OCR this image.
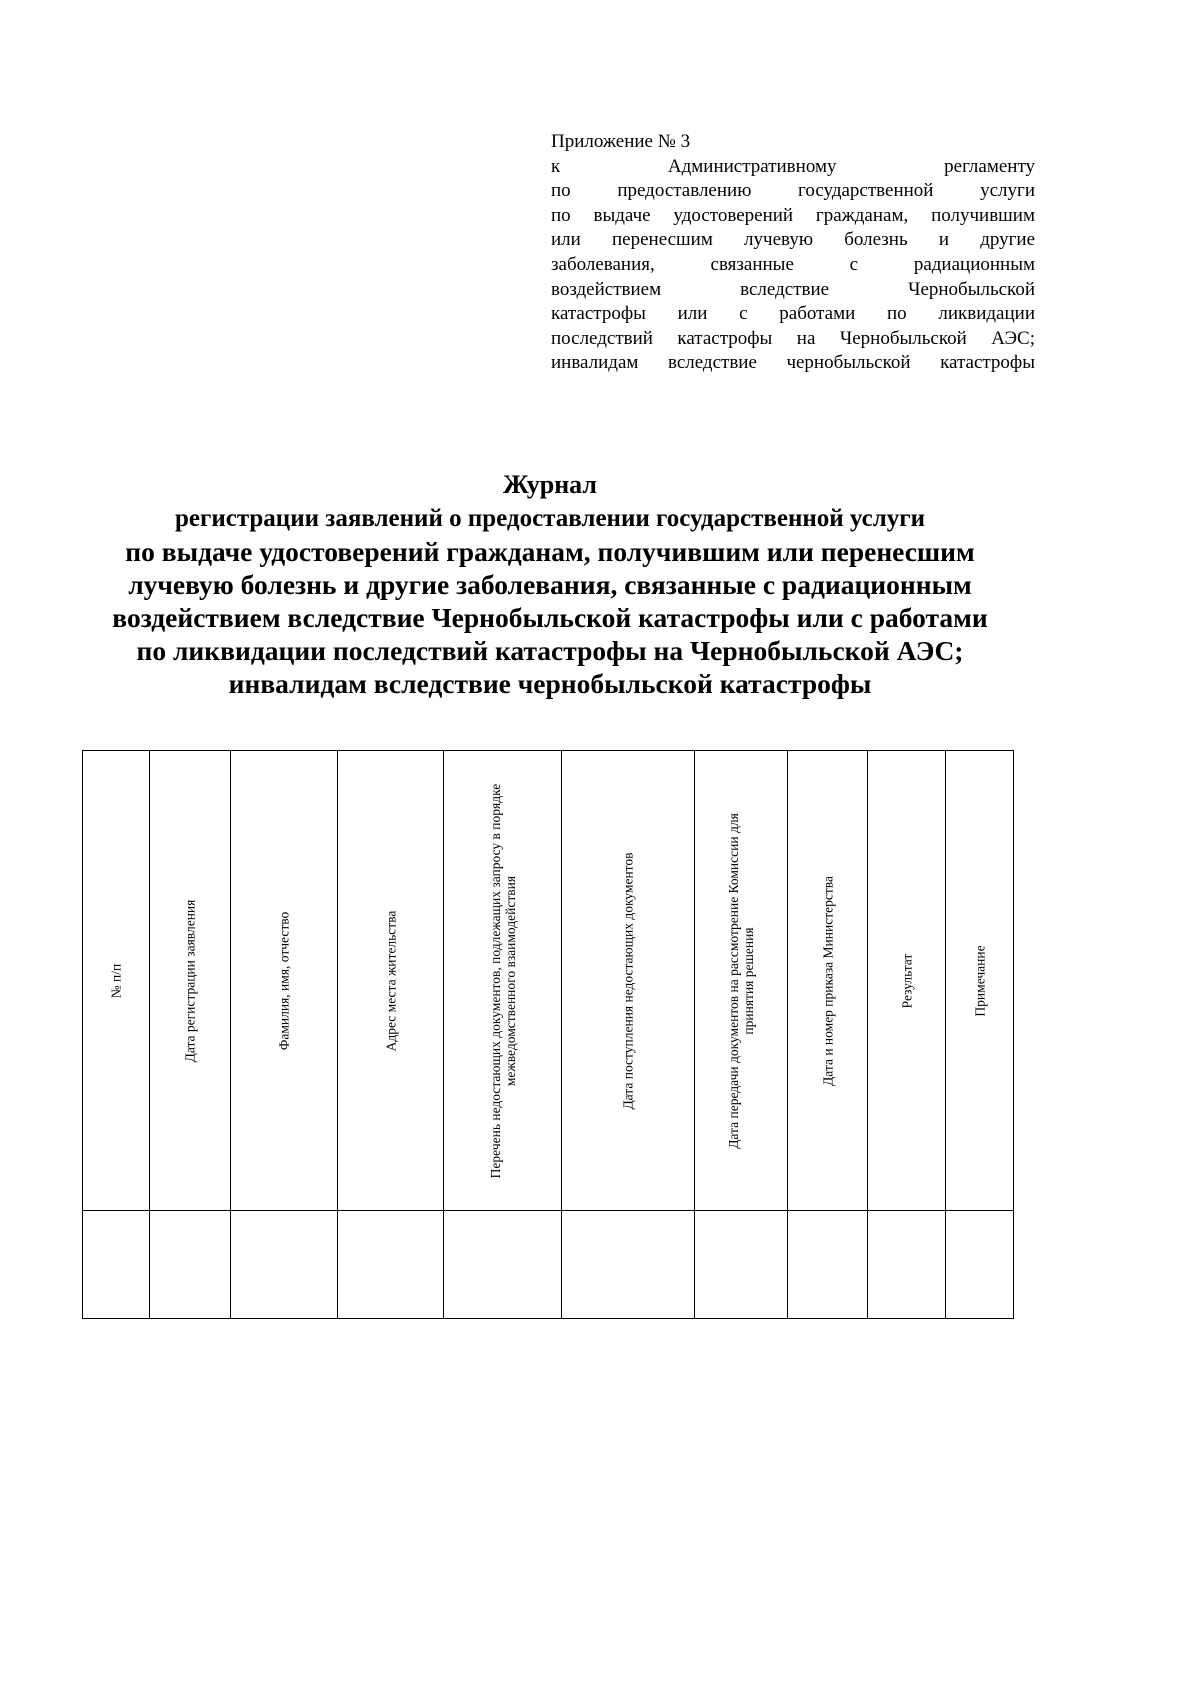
Приложение № 3
к Административному регламенту
по предоставлению государственной услуги
по выдаче удостоверений гражданам, получившим
или перенесшим лучевую болезнь и другие
заболевания, связанные с радиационным
воздействием вследствие Чернобыльской
катастрофы или с работами по ликвидации
последствий катастрофы на Чернобыльской АЭС;
инвалидам вследствие чернобыльской катастрофы
Журнал
регистрации заявлений о предоставлении государственной услуги
по выдаче удостоверений гражданам, получившим или перенесшим
лучевую болезнь и другие заболевания, связанные с радиационным
воздействием вследствие Чернобыльской катастрофы или с работами
по ликвидации последствий катастрофы на Чернобыльской АЭС;
инвалидам вследствие чернобыльской катастрофы
№ п/п	Дата регистрации заявления	Фамилия, имя, отчество	Адрес места жительства	Перечень недостающих документов, подлежащих запросу в порядке межведомственного взаимодействия	Дата поступления недостающих документов	Дата передачи документов на рассмотрение Комиссии для принятия решения	Дата и номер приказа Министерства	Результат	Примечание
